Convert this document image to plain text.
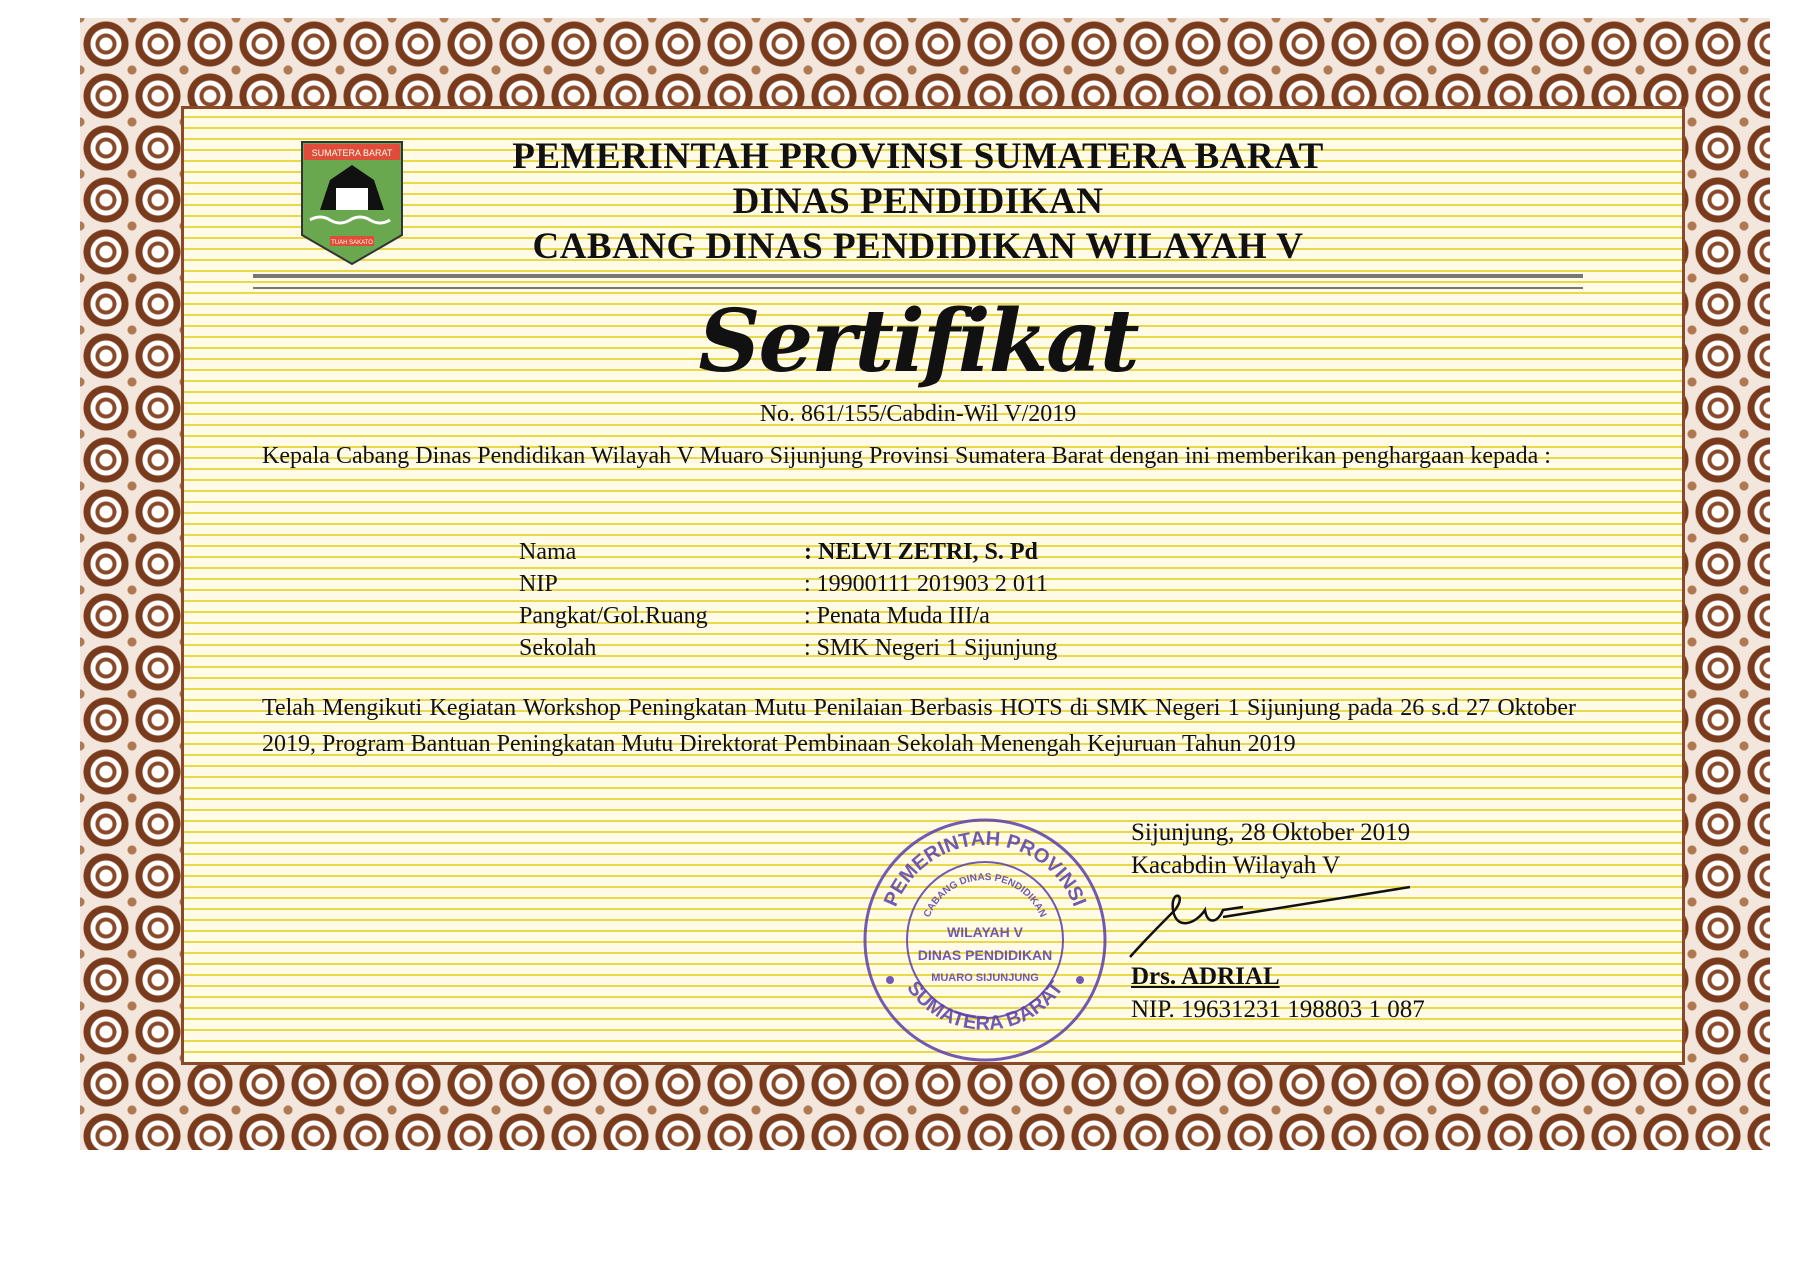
SUMATERA BARAT
TUAH SAKATO
PEMERINTAH PROVINSI SUMATERA BARAT
DINAS PENDIDIKAN
CABANG DINAS PENDIDIKAN WILAYAH V
Sertifikat
No. 861/155/Cabdin-Wil V/2019
Kepala Cabang Dinas Pendidikan Wilayah V Muaro Sijunjung Provinsi Sumatera Barat dengan ini memberikan penghargaan kepada :
Nama	: NELVI ZETRI, S. Pd
NIP	: 19900111 201903 2 011
Pangkat/Gol.Ruang	: Penata Muda III/a
Sekolah	: SMK Negeri 1 Sijunjung
Telah Mengikuti Kegiatan Workshop Peningkatan Mutu Penilaian Berbasis HOTS di SMK Negeri 1 Sijunjung pada 26 s.d 27 Oktober 2019, Program Bantuan Peningkatan Mutu Direktorat Pembinaan Sekolah Menengah Kejuruan Tahun 2019
PEMERINTAH PROVINSI
SUMATERA BARAT
CABANG DINAS PENDIDIKAN
WILAYAH V
DINAS PENDIDIKAN
MUARO SIJUNJUNG
Sijunjung, 28 Oktober 2019
Kacabdin Wilayah V
Drs. ADRIAL
NIP. 19631231 198803 1 087
